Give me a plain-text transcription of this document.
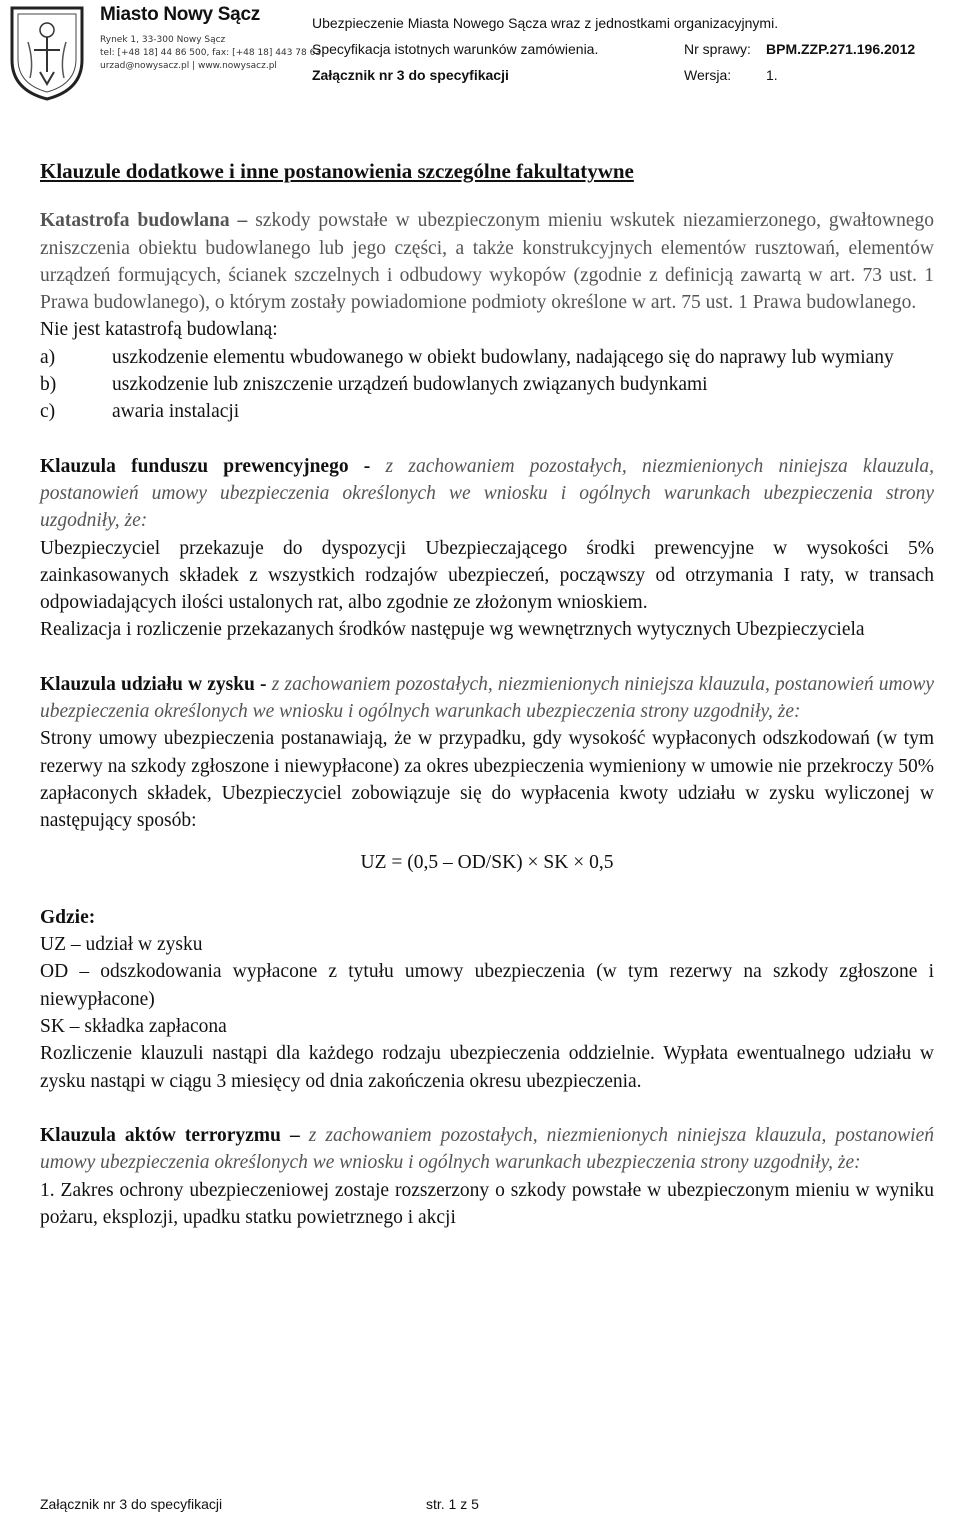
Miasto Nowy Sącz
Rynek 1, 33-300 Nowy Sącz
tel: [+48 18] 44 86 500, fax: [+48 18] 443 78 63
urzad@nowysacz.pl | www.nowysacz.pl
Ubezpieczenie Miasta Nowego Sącza wraz z jednostkami organizacyjnymi.
Specyfikacja istotnych warunków zamówienia.	Nr sprawy: BPM.ZZP.271.196.2012
Załącznik nr 3 do specyfikacji	Wersja: 1.
Klauzule dodatkowe i inne postanowienia szczególne fakultatywne

Katastrofa budowlana – szkody powstałe w ubezpieczonym mieniu wskutek niezamierzonego, gwałtownego zniszczenia obiektu budowlanego lub jego części, a także konstrukcyjnych elementów rusztowań, elementów urządzeń formujących, ścianek szczelnych i odbudowy wykopów (zgodnie z definicją zawartą w art. 73 ust. 1 Prawa budowlanego), o którym zostały powiadomione podmioty określone w art. 75 ust. 1 Prawa budowlanego.

Nie jest katastrofą budowlaną:

a)	uszkodzenie elementu wbudowanego w obiekt budowlany, nadającego się do naprawy lub wymiany

b)	uszkodzenie lub zniszczenie urządzeń budowlanych związanych budynkami
c)	awaria instalacji

Klauzula funduszu prewencyjnego - z zachowaniem pozostałych, niezmienionych niniejsza klauzula, postanowień umowy ubezpieczenia określonych we wniosku i ogólnych warunkach ubezpieczenia strony uzgodniły, że:

Ubezpieczyciel przekazuje do dyspozycji Ubezpieczającego środki prewencyjne w wysokości 5% zainkasowanych składek z wszystkich rodzajów ubezpieczeń, począwszy od otrzymania I raty, w transach odpowiadających ilości ustalonych rat, albo zgodnie ze złożonym wnioskiem.

Realizacja i rozliczenie przekazanych środków następuje wg wewnętrznych wytycznych Ubezpieczyciela

Klauzula udziału w zysku - z zachowaniem pozostałych, niezmienionych niniejsza klauzula, postanowień umowy ubezpieczenia określonych we wniosku i ogólnych warunkach ubezpieczenia strony uzgodniły, że:

Strony umowy ubezpieczenia postanawiają, że w przypadku, gdy wysokość wypłaconych odszkodowań (w tym rezerwy na szkody zgłoszone i niewypłacone) za okres ubezpieczenia wymieniony w umowie nie przekroczy 50% zapłaconych składek, Ubezpieczyciel zobowiązuje się do wypłacenia kwoty udziału w zysku wyliczonej w następujący sposób:

UZ = (0,5 – OD/SK) × SK × 0,5

Gdzie:

UZ – udział w zysku

OD – odszkodowania wypłacone z tytułu umowy ubezpieczenia (w tym rezerwy na szkody zgłoszone i niewypłacone)

SK – składka zapłacona

Rozliczenie klauzuli nastąpi dla każdego rodzaju ubezpieczenia oddzielnie. Wypłata ewentualnego udziału w zysku nastąpi w ciągu 3 miesięcy od dnia zakończenia okresu ubezpieczenia.

Klauzula aktów terroryzmu – z zachowaniem pozostałych, niezmienionych niniejsza klauzula, postanowień umowy ubezpieczenia określonych we wniosku i ogólnych warunkach ubezpieczenia strony uzgodniły, że:

1. Zakres ochrony ubezpieczeniowej zostaje rozszerzony o szkody powstałe w ubezpieczonym mieniu w wyniku pożaru, eksplozji, upadku statku powietrznego i akcji

Załącznik nr 3 do specyfikacji	str. 1 z 5
